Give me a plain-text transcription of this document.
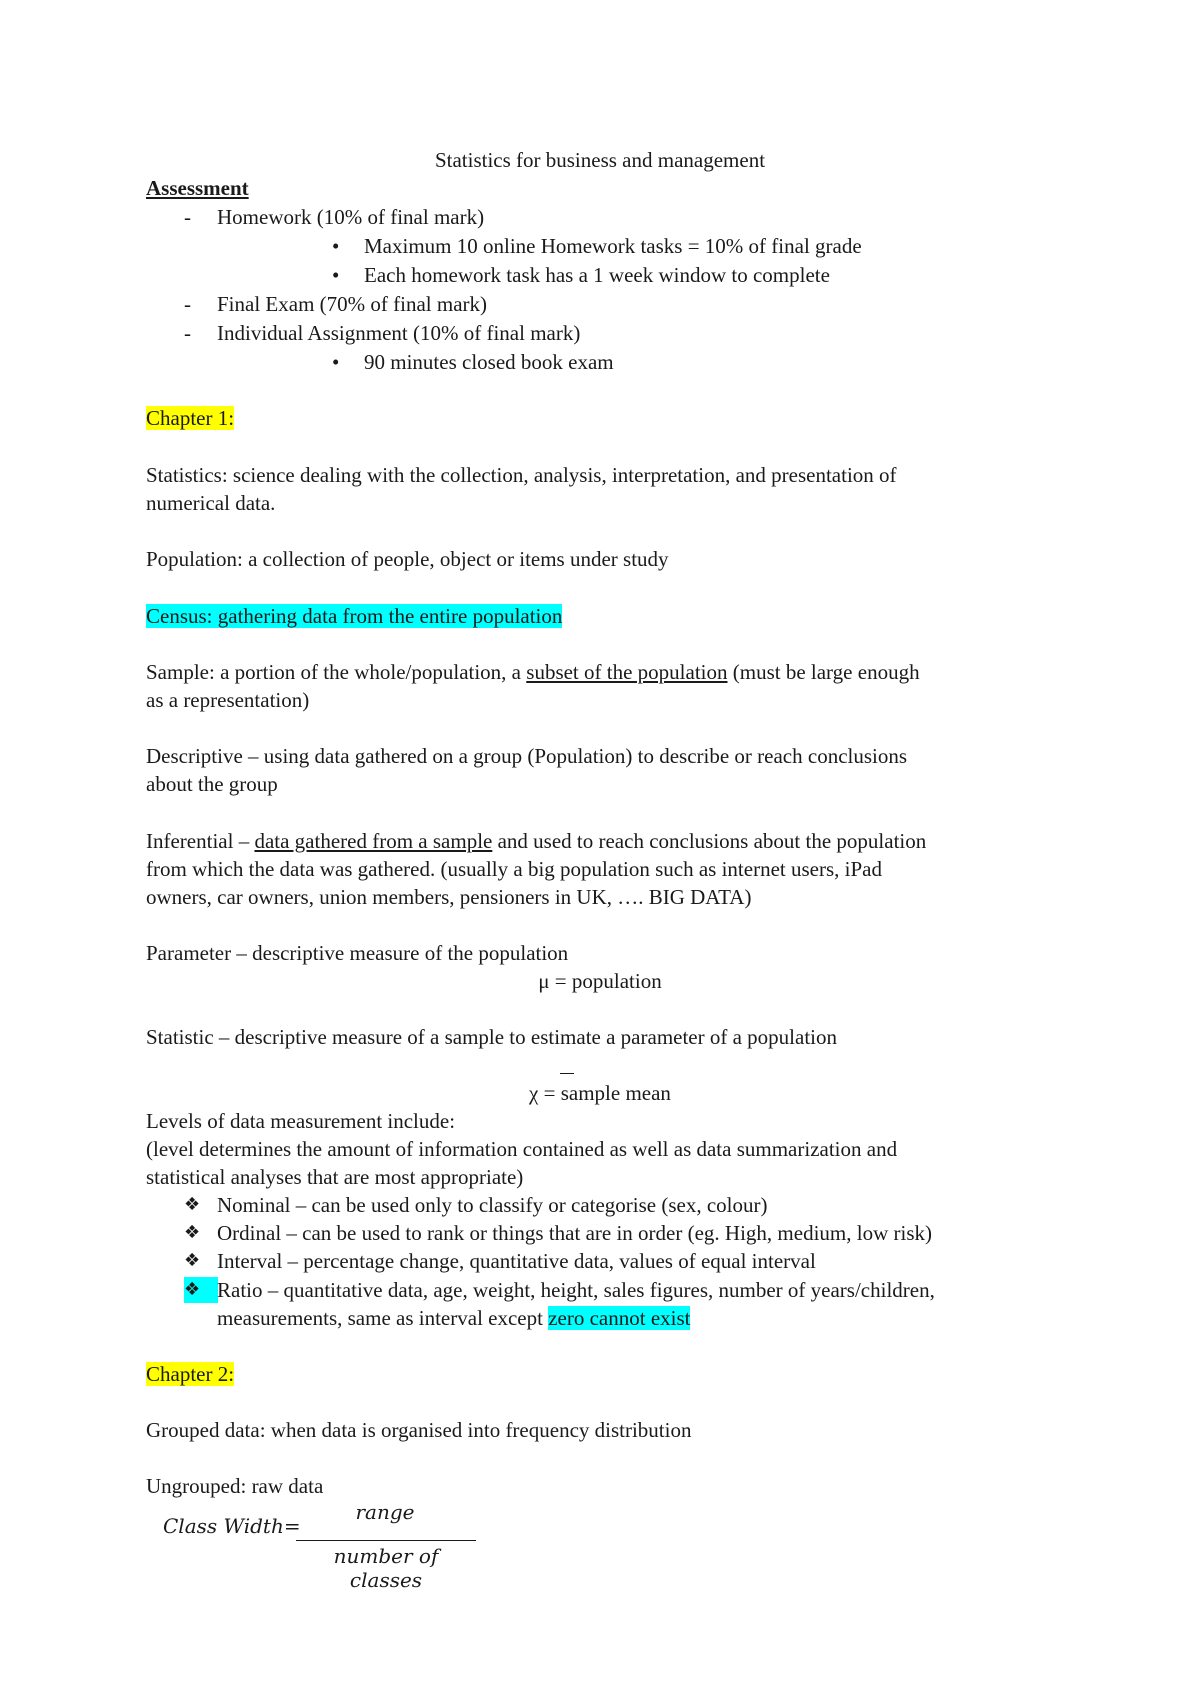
Statistics for business and management
Assessment
- Homework (10% of final mark)
• Maximum 10 online Homework tasks = 10% of final grade
• Each homework task has a 1 week window to complete
- Final Exam (70% of final mark)
- Individual Assignment (10% of final mark)
• 90 minutes closed book exam
Chapter 1:
Statistics: science dealing with the collection, analysis, interpretation, and presentation of
numerical data.
Population: a collection of people, object or items under study
Census: gathering data from the entire population
Sample: a portion of the whole/population, a subset of the population (must be large enough
as a representation)
Descriptive – using data gathered on a group (Population) to describe or reach conclusions
about the group
Inferential – data gathered from a sample and used to reach conclusions about the population
from which the data was gathered. (usually a big population such as internet users, iPad
owners, car owners, union members, pensioners in UK, …. BIG DATA)
Parameter – descriptive measure of the population
μ = population
Statistic – descriptive measure of a sample to estimate a parameter of a population
χ = sample mean
Levels of data measurement include:
(level determines the amount of information contained as well as data summarization and
statistical analyses that are most appropriate)
❖ Nominal – can be used only to classify or categorise (sex, colour)
❖ Ordinal – can be used to rank or things that are in order (eg. High, medium, low risk)
❖ Interval – percentage change, quantitative data, values of equal interval
❖ Ratio – quantitative data, age, weight, height, sales figures, number of years/children,
measurements, same as interval except zero cannot exist
Chapter 2:
Grouped data: when data is organised into frequency distribution
Ungrouped: raw data
range
Class Width=
number of classes
